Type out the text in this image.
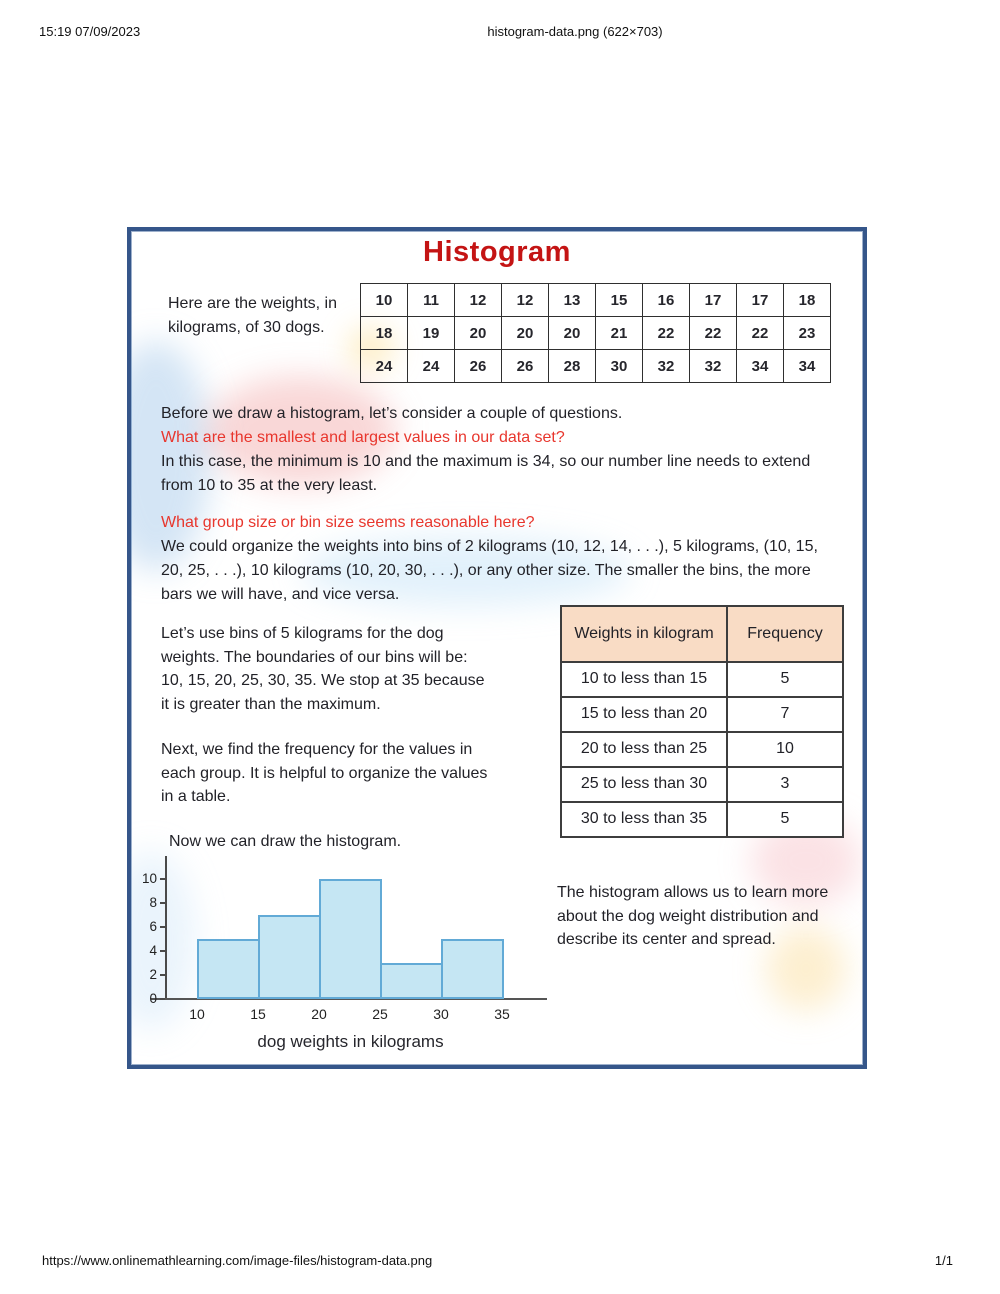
15:19 07/09/2023	histogram-data.png (622×703)
Histogram
Here are the weights, in kilograms, of 30 dogs.
10	11	12	12	13	15	16	17	17	18
18	19	20	20	20	21	22	22	22	23
24	24	26	26	28	30	32	32	34	34

Before we draw a histogram, let’s consider a couple of questions.

What are the smallest and largest values in our data set?

In this case, the minimum is 10 and the maximum is 34, so our number line needs to extend from 10 to 35 at the very least.

What group size or bin size seems reasonable here?

We could organize the weights into bins of 2 kilograms (10, 12, 14, . . .), 5 kilograms, (10, 15, 20, 25, . . .), 10 kilograms (10, 20, 30, . . .), or any other size. The smaller the bins, the more bars we will have, and vice versa.

Let’s use bins of 5 kilograms for the dog weights. The boundaries of our bins will be: 10, 15, 20, 25, 30, 35. We stop at 35 because it is greater than the maximum.

Next, we find the frequency for the values in each group. It is helpful to organize the values in a table.

Now we can draw the histogram.

Weights in kilogram	Frequency
10 to less than 15	5
15 to less than 20	7
20 to less than 25	10
25 to less than 30	3
30 to less than 35	5
dog weights in kilograms
0
2
4
6
8
10
10	15	20	25	30	35
The histogram allows us to learn more about the dog weight distribution and describe its center and spread.
https://www.onlinemathlearning.com/image-files/histogram-data.png	1/1
